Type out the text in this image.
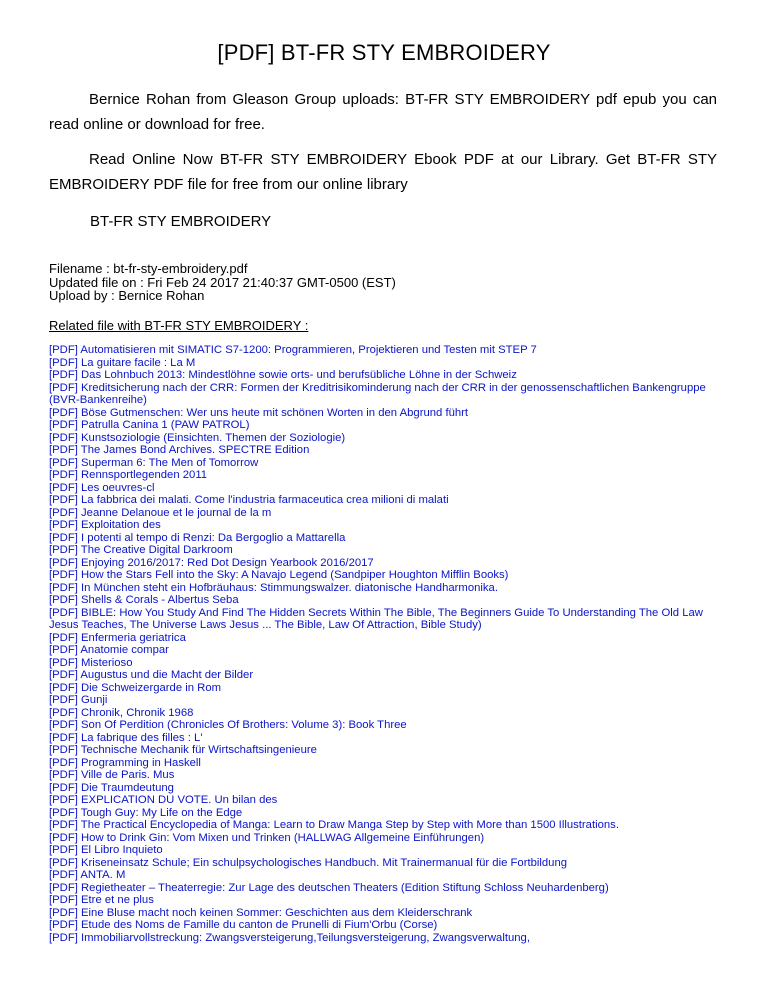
[PDF] BT-FR STY EMBROIDERY
Bernice Rohan from Gleason Group uploads: BT-FR STY EMBROIDERY pdf epub you can read online or download for free.
Read Online Now BT-FR STY EMBROIDERY Ebook PDF at our Library. Get BT-FR STY EMBROIDERY PDF file for free from our online library
BT-FR STY EMBROIDERY
Filename : bt-fr-sty-embroidery.pdf
Updated file on : Fri Feb 24 2017 21:40:37 GMT-0500 (EST)
Upload by : Bernice Rohan
Related file with BT-FR STY EMBROIDERY :
[PDF] Automatisieren mit SIMATIC S7-1200: Programmieren, Projektieren und Testen mit STEP 7
[PDF] La guitare facile : La M
[PDF] Das Lohnbuch 2013: Mindestlöhne sowie orts- und berufsübliche Löhne in der Schweiz
[PDF] Kreditsicherung nach der CRR: Formen der Kreditrisikominderung nach der CRR in der genossenschaftlichen Bankengruppe (BVR-Bankenreihe)
[PDF] Böse Gutmenschen: Wer uns heute mit schönen Worten in den Abgrund führt
[PDF] Patrulla Canina 1 (PAW PATROL)
[PDF] Kunstsoziologie (Einsichten. Themen der Soziologie)
[PDF] The James Bond Archives. SPECTRE Edition
[PDF] Superman 6: The Men of Tomorrow
[PDF] Rennsportlegenden 2011
[PDF] Les oeuvres-cl
[PDF] La fabbrica dei malati. Come l'industria farmaceutica crea milioni di malati
[PDF] Jeanne Delanoue et le journal de la m
[PDF] Exploitation des
[PDF] I potenti al tempo di Renzi: Da Bergoglio a Mattarella
[PDF] The Creative Digital Darkroom
[PDF] Enjoying 2016/2017: Red Dot Design Yearbook 2016/2017
[PDF] How the Stars Fell into the Sky: A Navajo Legend (Sandpiper Houghton Mifflin Books)
[PDF] In München steht ein Hofbräuhaus: Stimmungswalzer. diatonische Handharmonika.
[PDF] Shells & Corals - Albertus Seba
[PDF] BIBLE: How You Study And Find The Hidden Secrets Within The Bible, The Beginners Guide To Understanding The Old Law Jesus Teaches, The Universe Laws Jesus ... The Bible, Law Of Attraction, Bible Study)
[PDF] Enfermeria geriatrica
[PDF] Anatomie compar
[PDF] Misterioso
[PDF] Augustus und die Macht der Bilder
[PDF] Die Schweizergarde in Rom
[PDF] Gunji
[PDF] Chronik, Chronik 1968
[PDF] Son Of Perdition (Chronicles Of Brothers: Volume 3): Book Three
[PDF] La fabrique des filles : L'
[PDF] Technische Mechanik für Wirtschaftsingenieure
[PDF] Programming in Haskell
[PDF] Ville de Paris. Mus
[PDF] Die Traumdeutung
[PDF] EXPLICATION DU VOTE. Un bilan des
[PDF] Tough Guy: My Life on the Edge
[PDF] The Practical Encyclopedia of Manga: Learn to Draw Manga Step by Step with More than 1500 Illustrations.
[PDF] How to Drink Gin: Vom Mixen und Trinken (HALLWAG Allgemeine Einführungen)
[PDF] El Libro Inquieto
[PDF] Kriseneinsatz Schule; Ein schulpsychologisches Handbuch. Mit Trainermanual für die Fortbildung
[PDF] ANTA. M
[PDF] Regietheater – Theaterregie: Zur Lage des deutschen Theaters (Edition Stiftung Schloss Neuhardenberg)
[PDF] Etre et ne plus
[PDF] Eine Bluse macht noch keinen Sommer: Geschichten aus dem Kleiderschrank
[PDF] Etude des Noms de Famille du canton de Prunelli di Fium'Orbu (Corse)
[PDF] Immobiliarvollstreckung: Zwangsversteigerung,Teilungsversteigerung, Zwangsverwaltung,
